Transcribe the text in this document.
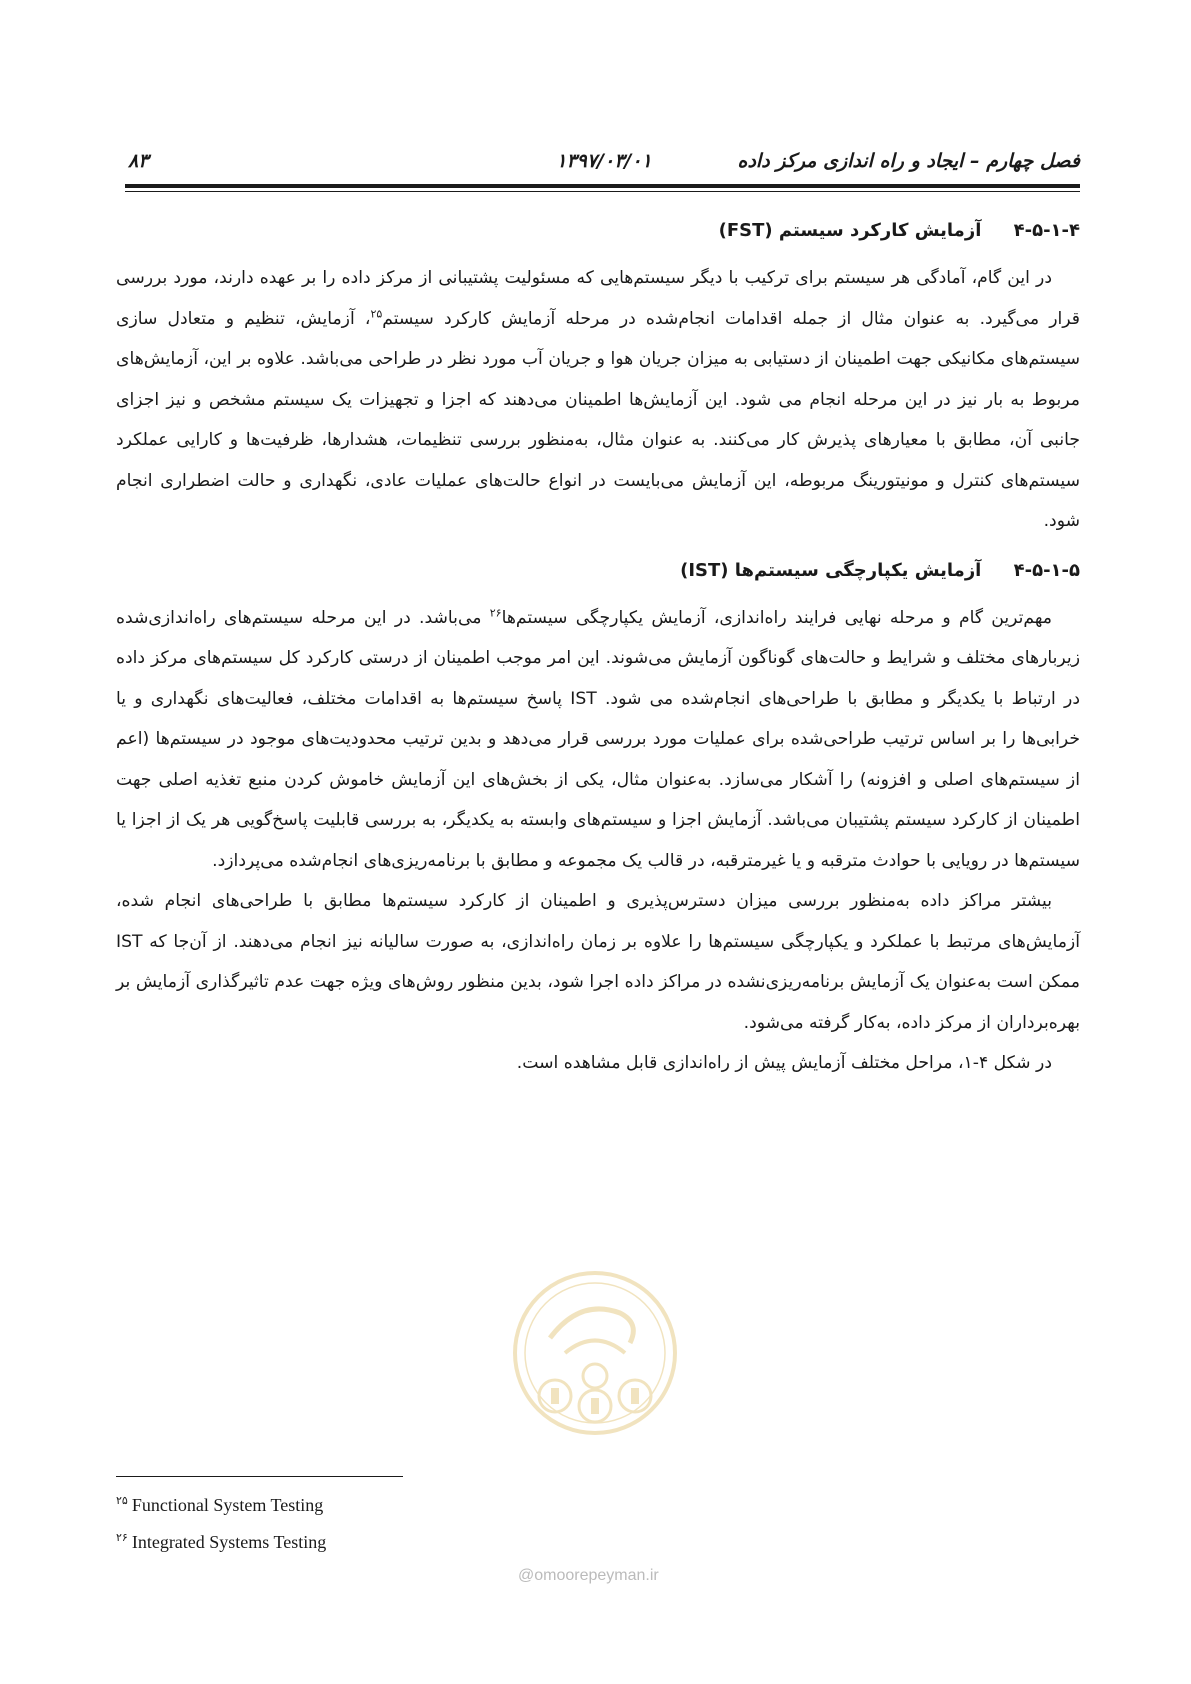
فصل چهارم – ایجاد و راه اندازی مرکز داده
۱۳۹۷/۰۳/۰۱
۸۳
۴-۵-۱-۴ آزمایش کارکرد سیستم (FST)

در این گام، آمادگی هر سیستم برای ترکیب با دیگر سیستم‌هایی که مسئولیت پشتیبانی از مرکز داده را بر عهده دارند، مورد بررسی قرار می‌گیرد. به عنوان مثال از جمله اقدامات انجام‌شده در مرحله آزمایش کارکرد سیستم$^{۲۵}$، آزمایش، تنظیم و متعادل سازی سیستم‌های مکانیکی جهت اطمینان از دستیابی به میزان جریان هوا و جریان آب مورد نظر در طراحی می‌باشد. علاوه بر این، آزمایش‌های مربوط به بار نیز در این مرحله انجام می شود. این آزمایش‌ها اطمینان می‌دهند که اجزا و تجهیزات یک سیستم مشخص و نیز اجزای جانبی آن، مطابق با معیارهای پذیرش کار می‌کنند. به عنوان مثال، به‌منظور بررسی تنظیمات، هشدارها، ظرفیت‌ها و کارایی عملکرد سیستم‌های کنترل و مونیتورینگ مربوطه، این آزمایش می‌بایست در انواع حالت‌های عملیات عادی، نگهداری و حالت اضطراری انجام شود.

۴-۵-۱-۵ آزمایش یکپارچگی سیستم‌ها (IST)

مهم‌ترین گام و مرحله نهایی فرایند راه‌اندازی، آزمایش یکپارچگی سیستم‌ها$^{۲۶}$ می‌باشد. در این مرحله سیستم‌های راه‌اندازی‌شده زیربارهای مختلف و شرایط و حالت‌های گوناگون آزمایش می‌شوند. این امر موجب اطمینان از درستی کارکرد کل سیستم‌های مرکز داده در ارتباط با یکدیگر و مطابق با طراحی‌های انجام‌شده می شود. IST پاسخ سیستم‌ها به اقدامات مختلف، فعالیت‌های نگهداری و یا خرابی‌ها را بر اساس ترتیب طراحی‌شده برای عملیات مورد بررسی قرار می‌دهد و بدین ترتیب محدودیت‌های موجود در سیستم‌ها (اعم از سیستم‌های اصلی و افزونه) را آشکار می‌سازد. به‌عنوان مثال، یکی از بخش‌های این آزمایش خاموش کردن منبع تغذیه اصلی جهت اطمینان از کارکرد سیستم پشتیبان می‌باشد. آزمایش اجزا و سیستم‌های وابسته به یکدیگر، به بررسی قابلیت پاسخ‌گویی هر یک از اجزا یا سیستم‌ها در رویایی با حوادث مترقبه و یا غیرمترقبه، در قالب یک مجموعه و مطابق با برنامه‌ریزی‌های انجام‌شده می‌پردازد.

بیشتر مراکز داده به‌منظور بررسی میزان دسترس‌پذیری و اطمینان از کارکرد سیستم‌ها مطابق با طراحی‌های انجام شده، آزمایش‌های مرتبط با عملکرد و یکپارچگی سیستم‌ها را علاوه بر زمان راه‌اندازی، به صورت سالیانه نیز انجام می‌دهند. از آن‌جا که IST ممکن است به‌عنوان یک آزمایش برنامه‌ریزی‌نشده در مراکز داده اجرا شود، بدین منظور روش‌های ویژه جهت عدم تاثیرگذاری آزمایش بر بهره‌برداران از مرکز داده، به‌کار گرفته می‌شود.

در شکل ۴-۱، مراحل مختلف آزمایش پیش از راه‌اندازی قابل مشاهده است.

@omoorepeyman.ir
$^{۲۵}$ Functional System Testing
$^{۲۶}$ Integrated Systems Testing
